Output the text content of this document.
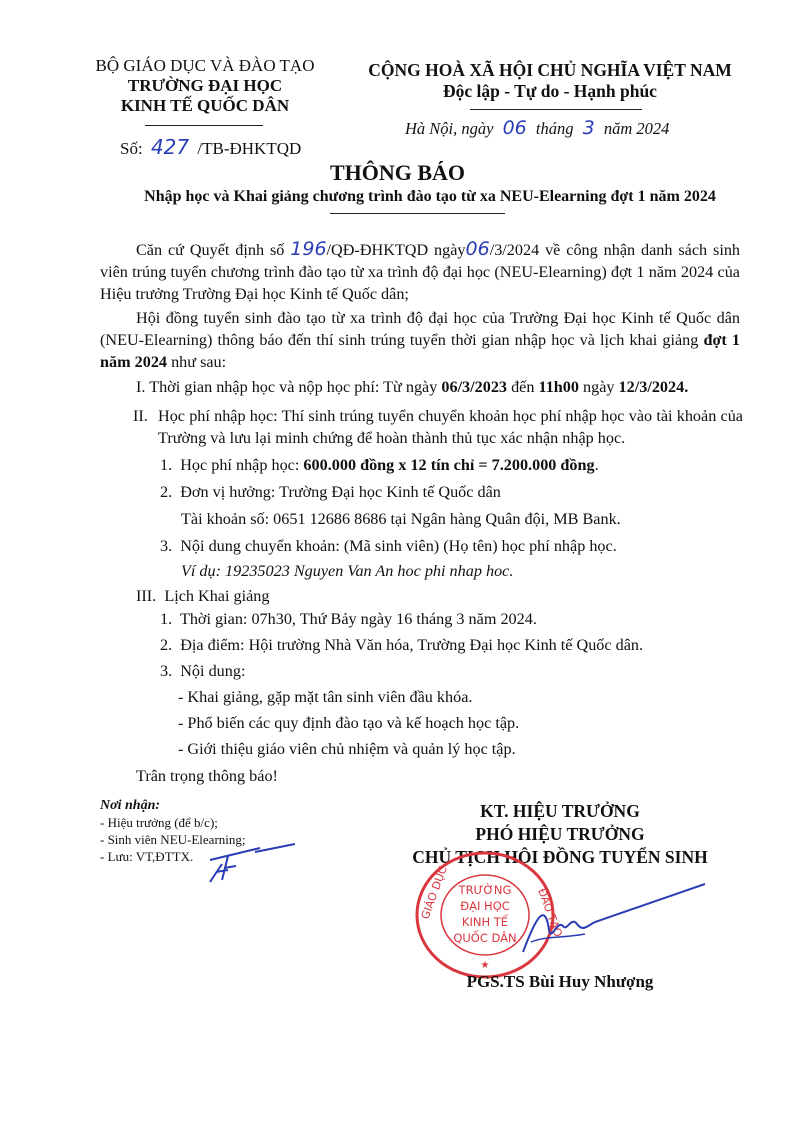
BỘ GIÁO DỤC VÀ ĐÀO TẠO
TRƯỜNG ĐẠI HỌC
KINH TẾ QUỐC DÂN
Số: 427 /TB-ĐHKTQD
CỘNG HOÀ XÃ HỘI CHỦ NGHĨA VIỆT NAM
Độc lập - Tự do - Hạnh phúc
Hà Nội, ngày 06 tháng 3 năm 2024
THÔNG BÁO
Nhập học và Khai giảng chương trình đào tạo từ xa NEU-Elearning đợt 1 năm 2024
Căn cứ Quyết định số 196/QĐ-ĐHKTQD ngày06/3/2024 về công nhận danh sách sinh viên trúng tuyển chương trình đào tạo từ xa trình độ đại học (NEU-Elearning) đợt 1 năm 2024 của Hiệu trưởng Trường Đại học Kinh tế Quốc dân;
Hội đồng tuyển sinh đào tạo từ xa trình độ đại học của Trường Đại học Kinh tế Quốc dân (NEU-Elearning) thông báo đến thí sinh trúng tuyển thời gian nhập học và lịch khai giảng đợt 1 năm 2024 như sau:
I. Thời gian nhập học và nộp học phí: Từ ngày 06/3/2023 đến 11h00 ngày 12/3/2024.
II. Học phí nhập học: Thí sinh trúng tuyển chuyển khoản học phí nhập học vào tài khoản của Trường và lưu lại minh chứng để hoàn thành thủ tục xác nhận nhập học.
1. Học phí nhập học: 600.000 đồng x 12 tín chỉ = 7.200.000 đồng.
2. Đơn vị hưởng: Trường Đại học Kinh tế Quốc dân
Tài khoản số: 0651 12686 8686 tại Ngân hàng Quân đội, MB Bank.
3. Nội dung chuyển khoản: (Mã sinh viên) (Họ tên) học phí nhập học.
Ví dụ: 19235023 Nguyen Van An hoc phi nhap hoc.
III. Lịch Khai giảng
1. Thời gian: 07h30, Thứ Bảy ngày 16 tháng 3 năm 2024.
2. Địa điểm: Hội trường Nhà Văn hóa, Trường Đại học Kinh tế Quốc dân.
3. Nội dung:
- Khai giảng, gặp mặt tân sinh viên đầu khóa.
- Phổ biến các quy định đào tạo và kế hoạch học tập.
- Giới thiệu giáo viên chủ nhiệm và quản lý học tập.
Trân trọng thông báo!
Nơi nhận:
- Hiệu trưởng (để b/c);
- Sinh viên NEU-Elearning;
- Lưu: VT,ĐTTX.
KT. HIỆU TRƯỞNG
PHÓ HIỆU TRƯỞNG
CHỦ TỊCH HỘI ĐỒNG TUYỂN SINH
GIÁO DỤC	ĐÀO TẠO
TRƯỜNG
ĐẠI HỌC
KINH TẾ
QUỐC DÂN
★
PGS.TS Bùi Huy Nhượng
